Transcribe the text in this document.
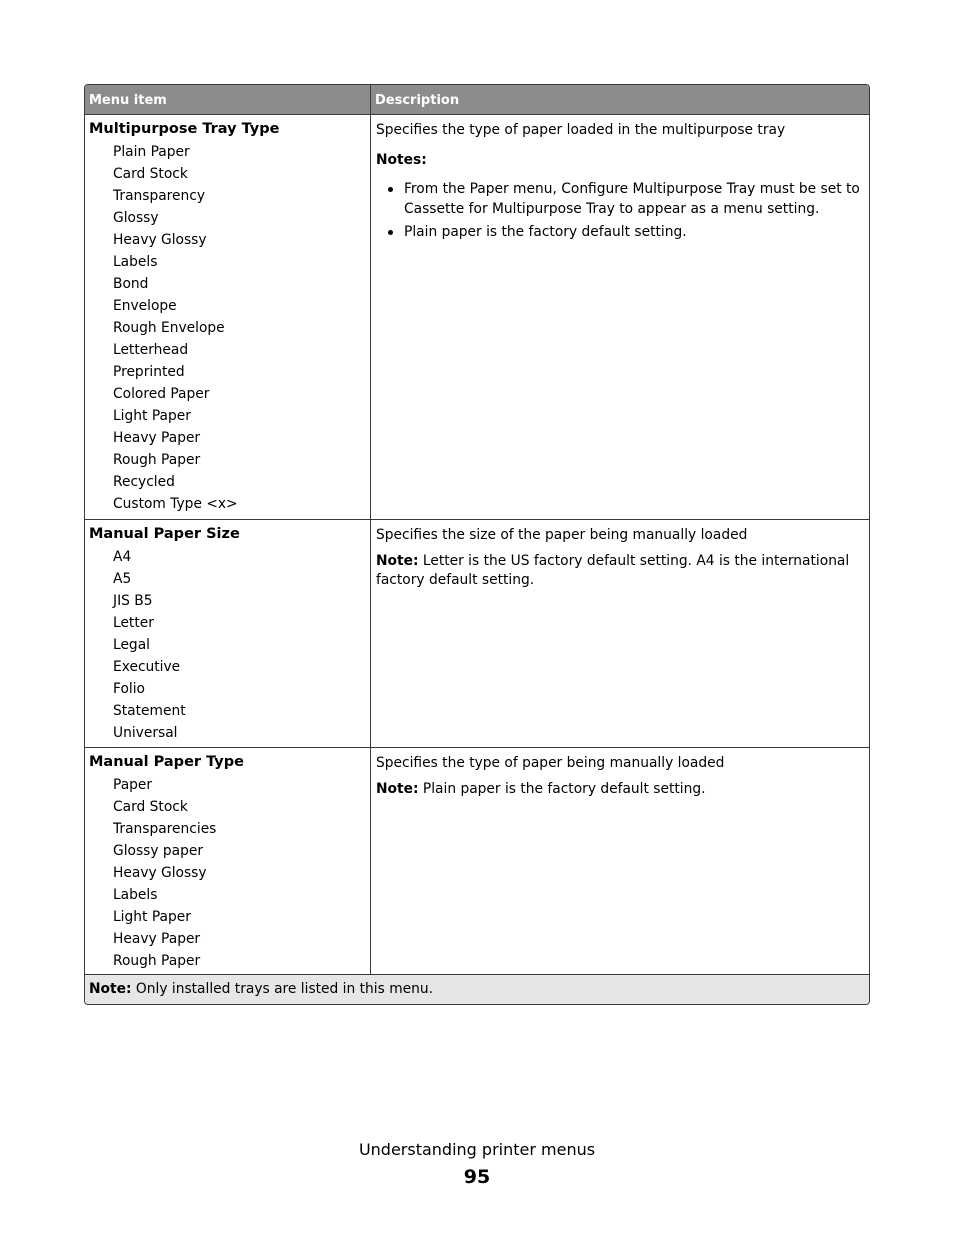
Menu item	Description
Multipurpose Tray Type
Plain Paper
Card Stock
Transparency
Glossy
Heavy Glossy
Labels
Bond
Envelope
Rough Envelope
Letterhead
Preprinted
Colored Paper
Light Paper
Heavy Paper
Rough Paper
Recycled
Custom Type <x>

Specifies the type of paper loaded in the multipurpose tray

Notes:

From the Paper menu, Configure Multipurpose Tray must be set to Cassette for Multipurpose Tray to appear as a menu setting.
Plain paper is the factory default setting.
Manual Paper Size
A4
A5
JIS B5
Letter
Legal
Executive
Folio
Statement
Universal

Specifies the size of the paper being manually loaded

Note: Letter is the US factory default setting. A4 is the international factory default setting.

Manual Paper Type
Paper
Card Stock
Transparencies
Glossy paper
Heavy Glossy
Labels
Light Paper
Heavy Paper
Rough Paper

Specifies the type of paper being manually loaded

Note: Plain paper is the factory default setting.

Note: Only installed trays are listed in this menu.
Understanding printer menus
95
